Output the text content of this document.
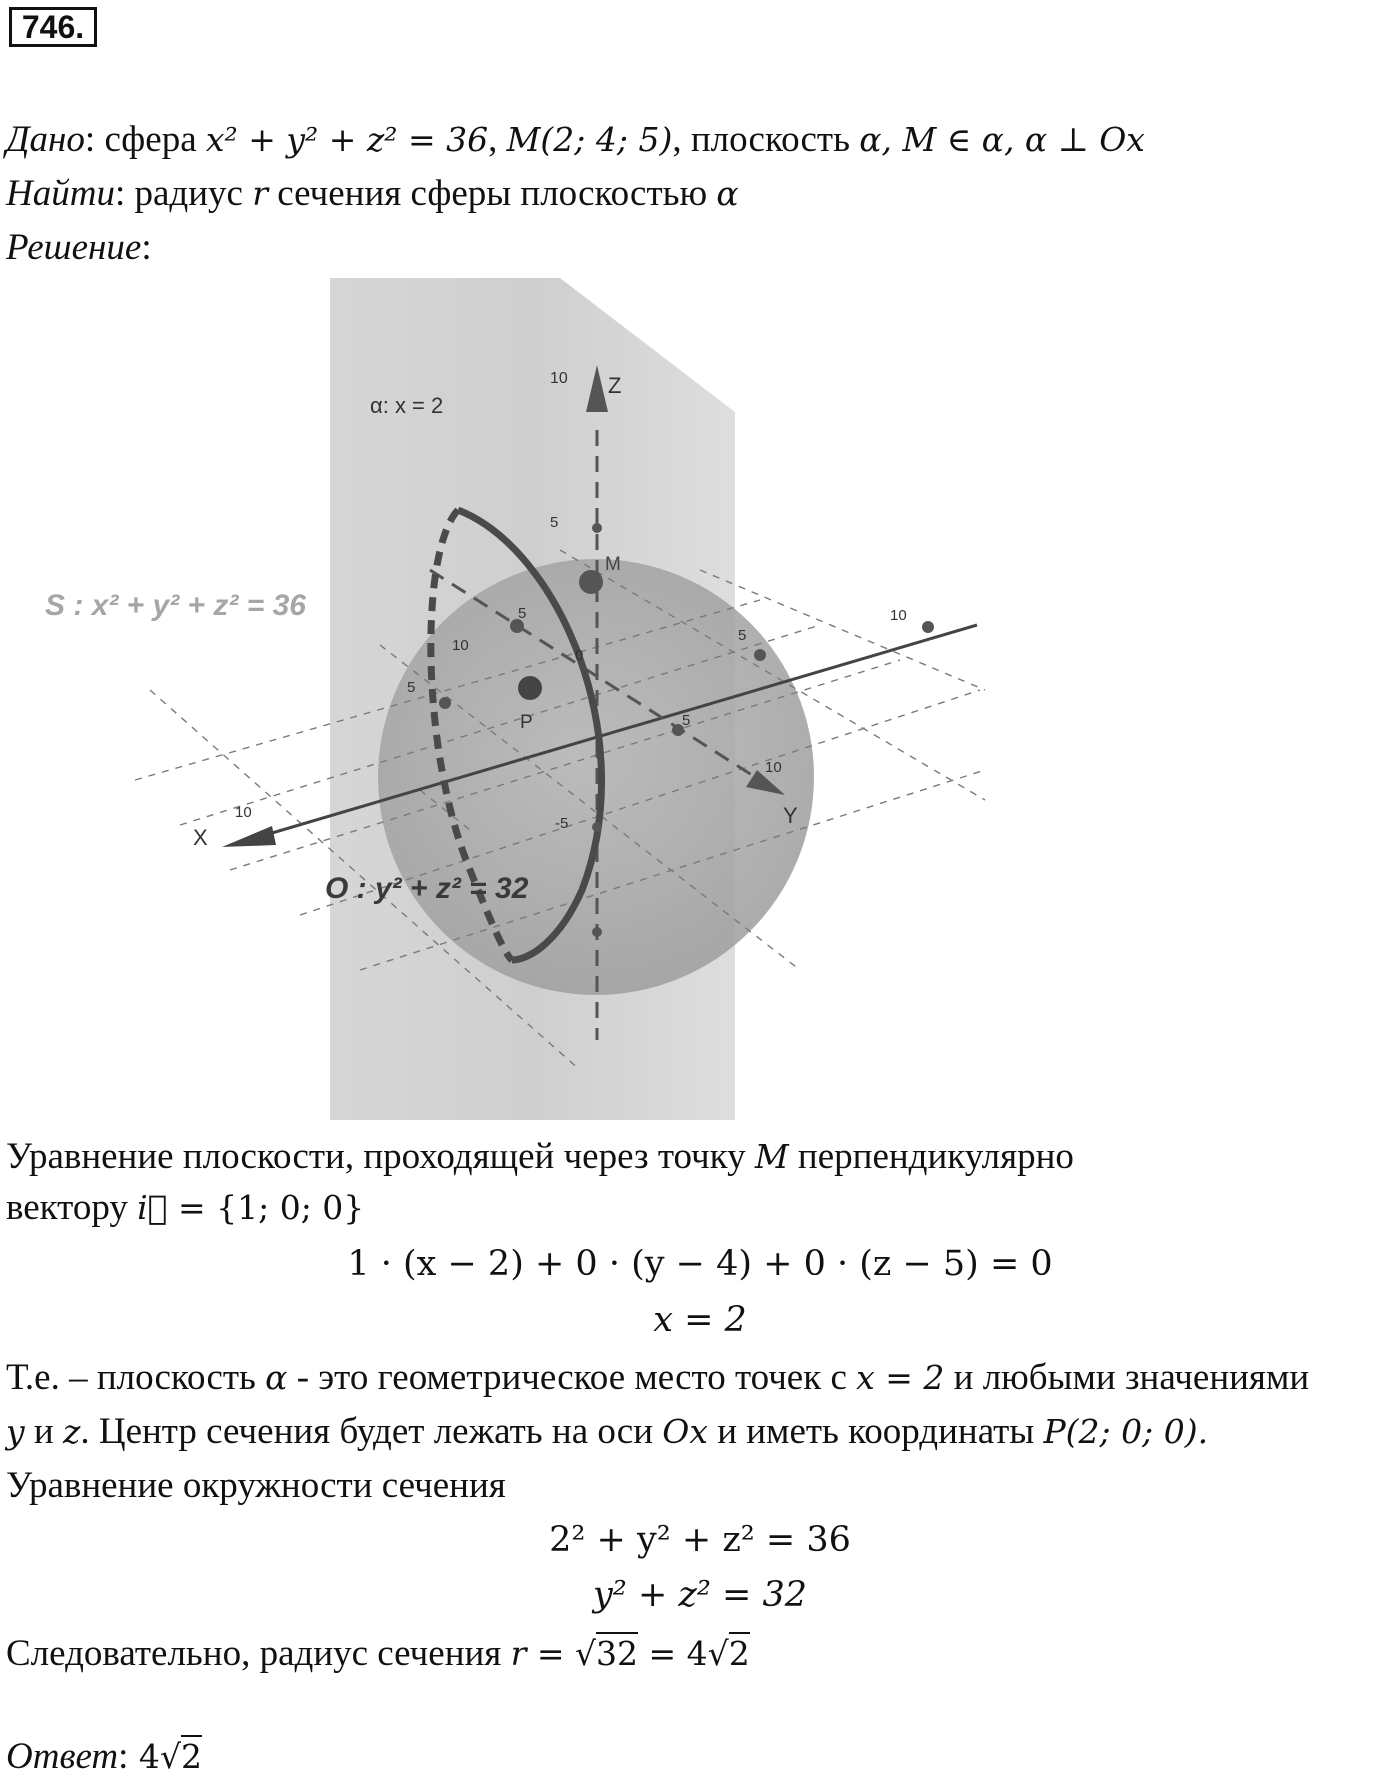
746.
Дано: сфера x² + y² + z² = 36, M(2; 4; 5), плоскость α, M ∈ α, α ⊥ Ox
Найти: радиус r сечения сферы плоскостью α
Решение:
α: x = 2
S : x² + y² + z² = 36
O : y² + z² = 32
X
Y
Z
M
P
10
5
-5
10
5
10
5
5	10
5
0
10
Уравнение плоскости, проходящей через точку M перпендикулярно
вектору i⃗ = {1; 0; 0}
1 · (x − 2) + 0 · (y − 4) + 0 · (z − 5) = 0
x = 2
Т.е. – плоскость α - это геометрическое место точек с x = 2 и любыми значениями
y и z. Центр сечения будет лежать на оси Ox и иметь координаты P(2; 0; 0).
Уравнение окружности сечения
2² + y² + z² = 36
y² + z² = 32
Следовательно, радиус сечения r = √32 = 4√2
Ответ: 4√2
